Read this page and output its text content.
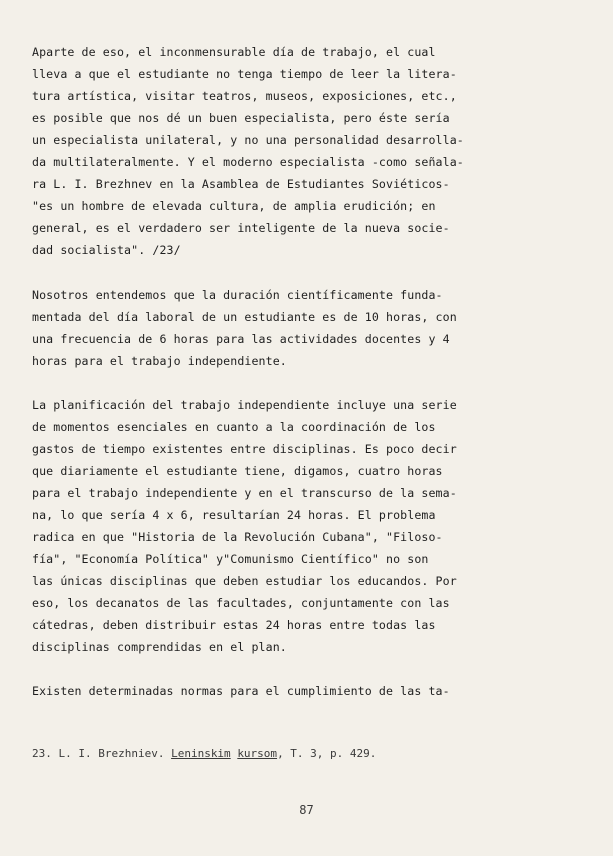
Aparte de eso, el inconmensurable día de trabajo, el cual
lleva a que el estudiante no tenga tiempo de leer la litera-
tura artística, visitar teatros, museos, exposiciones, etc.,
es posible que nos dé un buen especialista, pero éste sería
un especialista unilateral, y no una personalidad desarrolla-
da multilateralmente. Y el moderno especialista -como señala-
ra L. I. Brezhnev en la Asamblea de Estudiantes Soviéticos-
"es un hombre de elevada cultura, de amplia erudición; en
general, es el verdadero ser inteligente de la nueva socie-
dad socialista". /23/
Nosotros entendemos que la duración científicamente funda-
mentada del día laboral de un estudiante es de 10 horas, con
una frecuencia de 6 horas para las actividades docentes y 4
horas para el trabajo independiente.
La planificación del trabajo independiente incluye una serie
de momentos esenciales en cuanto a la coordinación de los
gastos de tiempo existentes entre disciplinas. Es poco decir
que diariamente el estudiante tiene, digamos, cuatro horas
para el trabajo independiente y en el transcurso de la sema-
na, lo que sería 4 x 6, resultarían 24 horas. El problema
radica en que "Historia de la Revolución Cubana", "Filoso-
fía", "Economía Política" y"Comunismo Científico" no son
las únicas disciplinas que deben estudiar los educandos. Por
eso, los decanatos de las facultades, conjuntamente con las
cátedras, deben distribuir estas 24 horas entre todas las
disciplinas comprendidas en el plan.
Existen determinadas normas para el cumplimiento de las ta-
23. L. I. Brezhniev. Leninskim kursom, T. 3, p. 429.
87
